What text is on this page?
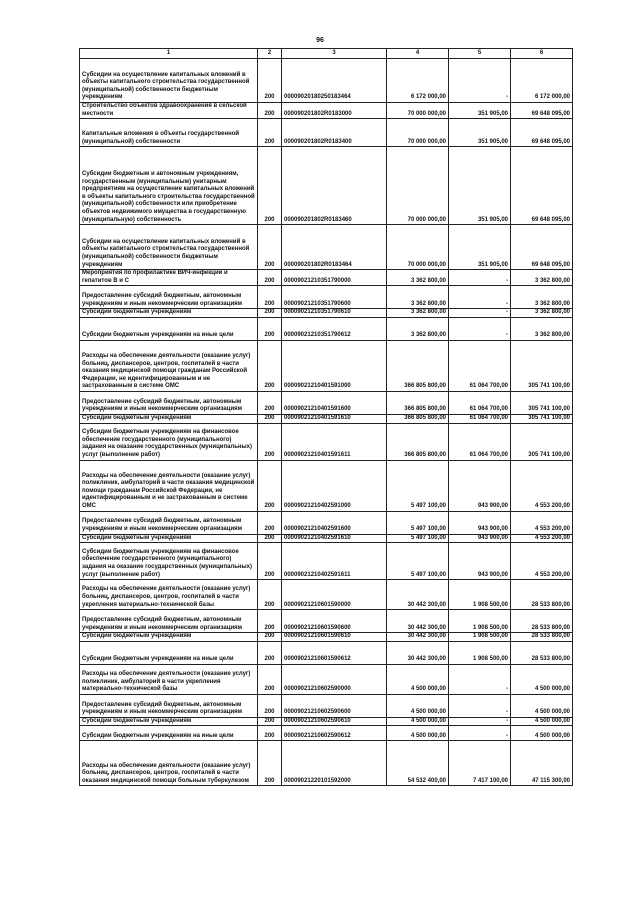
96
1	2	3	4	5	6
Субсидии на осуществление капитальных вложений в объекты капитального строительства государственной (муниципальной) собственности бюджетным учреждениям	200	00009020180250183464	6 172 000,00	-	6 172 000,00
Строительство объектов здравоохранения в сельской местности	200	000090201802R0183000	70 000 000,00	351 905,00	69 648 095,00
Капитальные вложения в объекты государственной (муниципальной) собственности	200	000090201802R0183400	70 000 000,00	351 905,00	69 648 095,00
Субсидии бюджетным и автономным учреждениям, государственным (муниципальным) унитарным предприятиям на осуществление капитальных вложений в объекты капитального строительства государственной (муниципальной) собственности или приобретение объектов недвижимого имущества в государственную (муниципальную) собственность	200	000090201802R0183460	70 000 000,00	351 905,00	69 648 095,00
Субсидии на осуществление капитальных вложений в объекты капитального строительства государственной (муниципальной) собственности бюджетным учреждениям	200	000090201802R0183464	70 000 000,00	351 905,00	69 648 095,00
Мероприятия по профилактике ВИЧ-инфекции и гепатитов B и C	200	00009021210351790000	3 362 800,00	-	3 362 800,00
Предоставление субсидий бюджетным, автономным учреждениям и иным некоммерческим организациям	200	00009021210351790600	3 362 800,00	-	3 362 800,00
Субсидии бюджетным учреждениям	200	00009021210351790610	3 362 800,00	-	3 362 800,00
Субсидии бюджетным учреждениям на иные цели	200	00009021210351790612	3 362 800,00	-	3 362 800,00
Расходы на обеспечение деятельности (оказание услуг) больниц, диспансеров, центров, госпиталей в части оказания медицинской помощи гражданам Российской Федерации, не идентифицированным и не застрахованным в системе ОМС	200	00009021210401591000	366 805 800,00	61 064 700,00	305 741 100,00
Предоставление субсидий бюджетным, автономным учреждениям и иным некоммерческим организациям	200	00009021210401591600	366 805 800,00	61 064 700,00	305 741 100,00
Субсидии бюджетным учреждениям	200	00009021210401591610	366 805 800,00	61 064 700,00	305 741 100,00
Субсидии бюджетным учреждениям на финансовое обеспечение государственного (муниципального) задания на оказание государственных (муниципальных) услуг (выполнение работ)	200	00009021210401591611	366 805 800,00	61 064 700,00	305 741 100,00
Расходы на обеспечение деятельности (оказание услуг) поликлиник, амбулаторий в части оказания медицинской помощи гражданам Российской Федерации, не идентифицированным и не застрахованным в системе ОМС	200	00009021210402591000	5 497 100,00	943 900,00	4 553 200,00
Предоставление субсидий бюджетным, автономным учреждениям и иным некоммерческим организациям	200	00009021210402591600	5 497 100,00	943 900,00	4 553 200,00
Субсидии бюджетным учреждениям	200	00009021210402591610	5 497 100,00	943 900,00	4 553 200,00
Субсидии бюджетным учреждениям на финансовое обеспечение государственного (муниципального) задания на оказание государственных (муниципальных) услуг (выполнение работ)	200	00009021210402591611	5 497 100,00	943 900,00	4 553 200,00
Расходы на обеспечение деятельности (оказание услуг) больниц, диспансеров, центров, госпиталей в части укрепления материально-технической базы	200	00009021210601590000	30 442 300,00	1 908 500,00	28 533 800,00
Предоставление субсидий бюджетным, автономным учреждениям и иным некоммерческим организациям	200	00009021210601590600	30 442 300,00	1 908 500,00	28 533 800,00
Субсидии бюджетным учреждениям	200	00009021210601590610	30 442 300,00	1 908 500,00	28 533 800,00
Субсидии бюджетным учреждениям на иные цели	200	00009021210601590612	30 442 300,00	1 908 500,00	28 533 800,00
Расходы на обеспечение деятельности (оказание услуг) поликлиник, амбулаторий в части укрепления материально-технической базы	200	00009021210602590000	4 500 000,00	-	4 500 000,00
Предоставление субсидий бюджетным, автономным учреждениям и иным некоммерческим организациям	200	00009021210602590600	4 500 000,00	-	4 500 000,00
Субсидии бюджетным учреждениям	200	00009021210602590610	4 500 000,00	-	4 500 000,00
Субсидии бюджетным учреждениям на иные цели	200	00009021210602590612	4 500 000,00	-	4 500 000,00
Расходы на обеспечение деятельности (оказание услуг) больниц, диспансеров, центров, госпиталей в части оказания медицинской помощи больным туберкулезом	200	00009021220101592000	54 532 400,00	7 417 100,00	47 115 300,00
